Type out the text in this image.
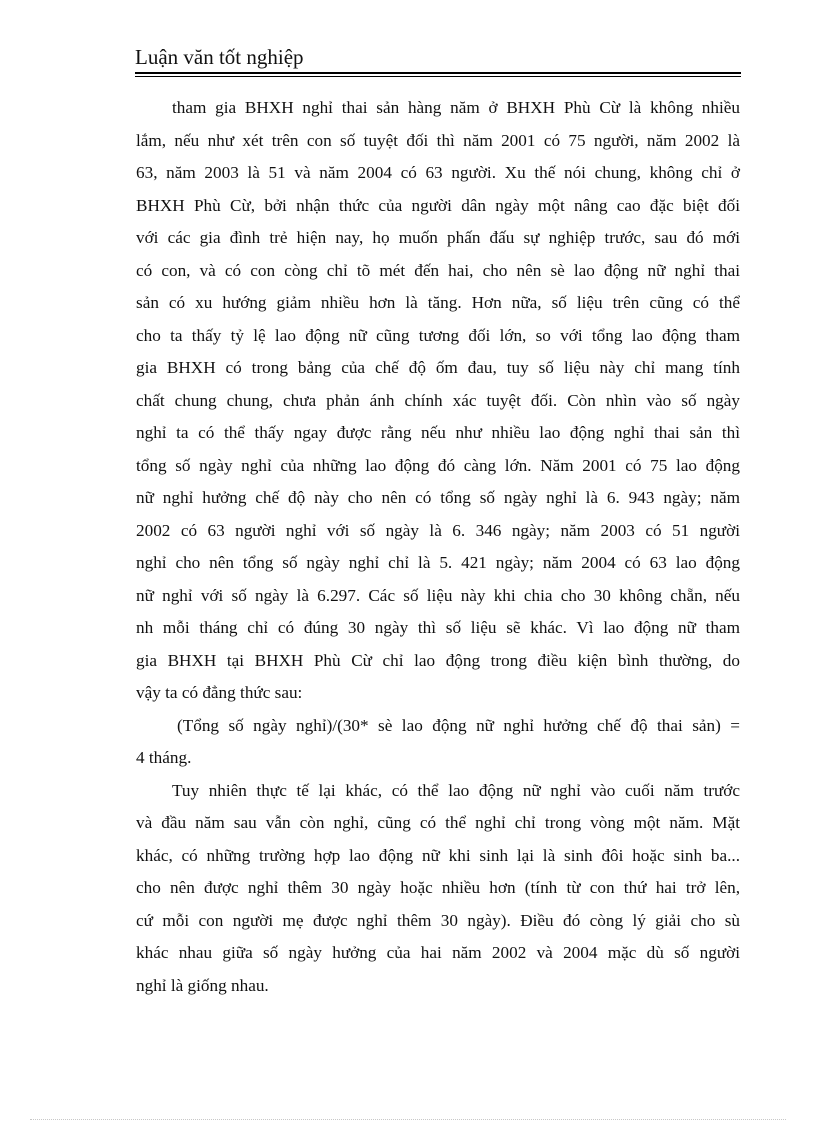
Luận văn tốt nghiệp
tham gia BHXH nghỉ thai sản hàng năm ở BHXH Phù Cừ là không nhiều
lắm, nếu như xét trên con số tuyệt đối thì năm 2001 có 75 người, năm 2002 là
63, năm 2003 là 51 và năm 2004 có 63 người. Xu thế nói chung, không chỉ ở
BHXH Phù Cừ, bởi nhận thức của người dân ngày một nâng cao đặc biệt đối
với các gia đình trẻ hiện nay, họ muốn phấn đấu sự nghiệp trước, sau đó mới
có con, và có con còng chỉ tõ mét đến hai, cho nên sè lao động nữ nghỉ thai
sản có xu hướng giảm nhiều hơn là tăng. Hơn nữa, số liệu trên cũng có thể
cho ta thấy tỷ lệ lao động nữ cũng tương đối lớn, so với tổng lao động tham
gia BHXH có trong bảng của chế độ ốm đau, tuy số liệu này chỉ mang tính
chất chung chung, chưa phản ánh chính xác tuyệt đối. Còn nhìn vào số ngày
nghỉ ta có thể thấy ngay được rằng nếu như nhiều lao động nghỉ thai sản thì
tổng số ngày nghỉ của những lao động đó càng lớn. Năm 2001 có 75 lao động
nữ nghỉ hưởng chế độ này cho nên có tổng số ngày nghỉ là 6. 943 ngày; năm
2002 có 63 người nghỉ với số ngày là 6. 346 ngày; năm 2003 có 51 người
nghỉ cho nên tổng số ngày nghỉ chỉ là 5. 421 ngày; năm 2004 có 63 lao động
nữ nghỉ với số ngày là 6.297. Các số liệu này khi chia cho 30 không chẵn, nếu
nh mỗi tháng chỉ có đúng 30 ngày thì số liệu sẽ khác. Vì lao động nữ tham
gia BHXH tại BHXH Phù Cừ chỉ lao động trong điều kiện bình thường, do
vậy ta có đẳng thức sau:
(Tổng số ngày nghỉ)/(30* sè lao động nữ nghỉ hưởng chế độ thai sản) =
4 tháng.
Tuy nhiên thực tế lại khác, có thể lao động nữ nghỉ vào cuối năm trước
và đầu năm sau vẫn còn nghỉ, cũng có thể nghỉ chỉ trong vòng một năm. Mặt
khác, có những trường hợp lao động nữ khi sinh lại là sinh đôi hoặc sinh ba...
cho nên được nghỉ thêm 30 ngày hoặc nhiều hơn (tính từ con thứ hai trở lên,
cứ mỗi con người mẹ được nghỉ thêm 30 ngày). Điều đó còng lý giải cho sù
khác nhau giữa số ngày hưởng của hai năm 2002 và 2004 mặc dù số người
nghỉ là giống nhau.
